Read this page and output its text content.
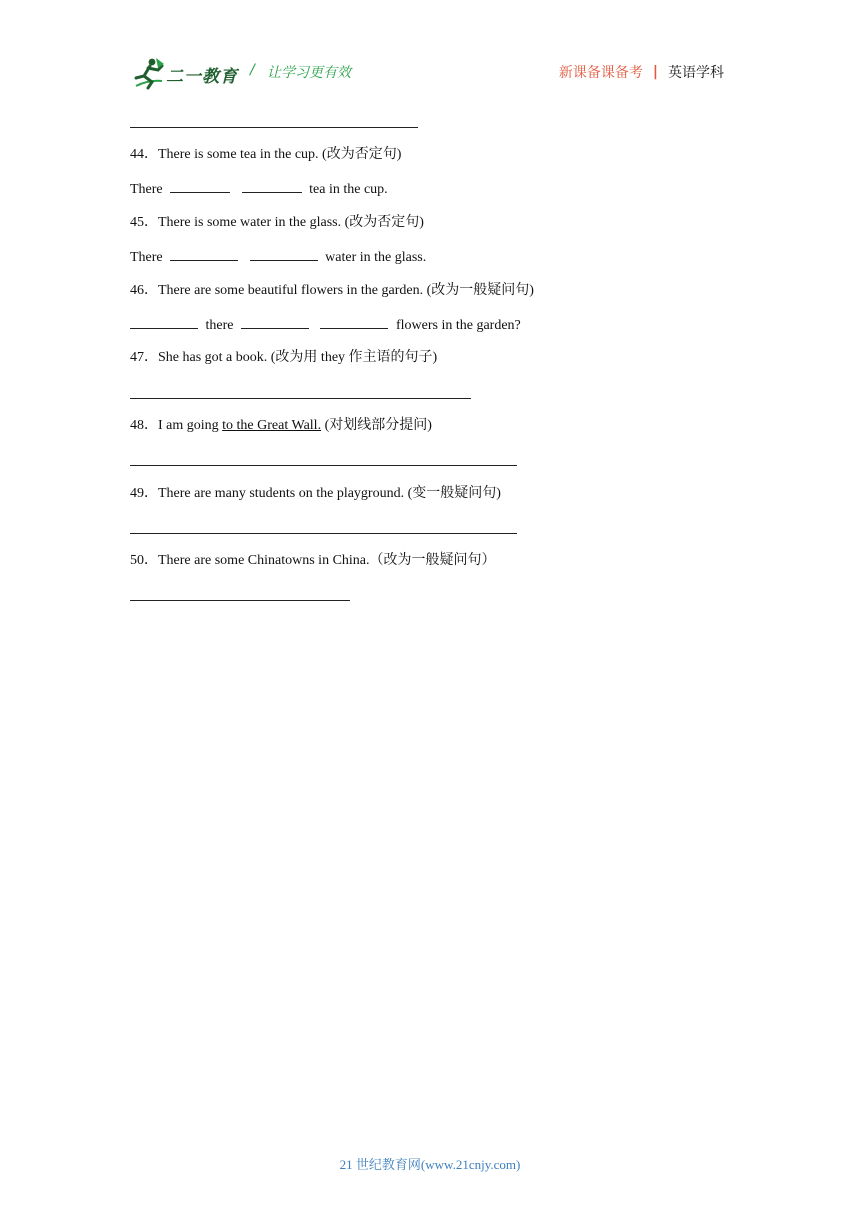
二一教育 / 让学习更有效	新课备课备考 | 英语学科
44．There is some tea in the cup. (改为否定句)
There	tea in the cup.
45．There is some water in the glass. (改为否定句)
There	water in the glass.
46．There are some beautiful flowers in the garden. (改为一般疑问句)
there	flowers in the garden?
47．She has got a book. (改为用 they 作主语的句子)
48．I am going to the Great Wall. (对划线部分提问)
49．There are many students on the playground. (变一般疑问句)
50．There are some Chinatowns in China.（改为一般疑问句）
21 世纪教育网(www.21cnjy.com)
